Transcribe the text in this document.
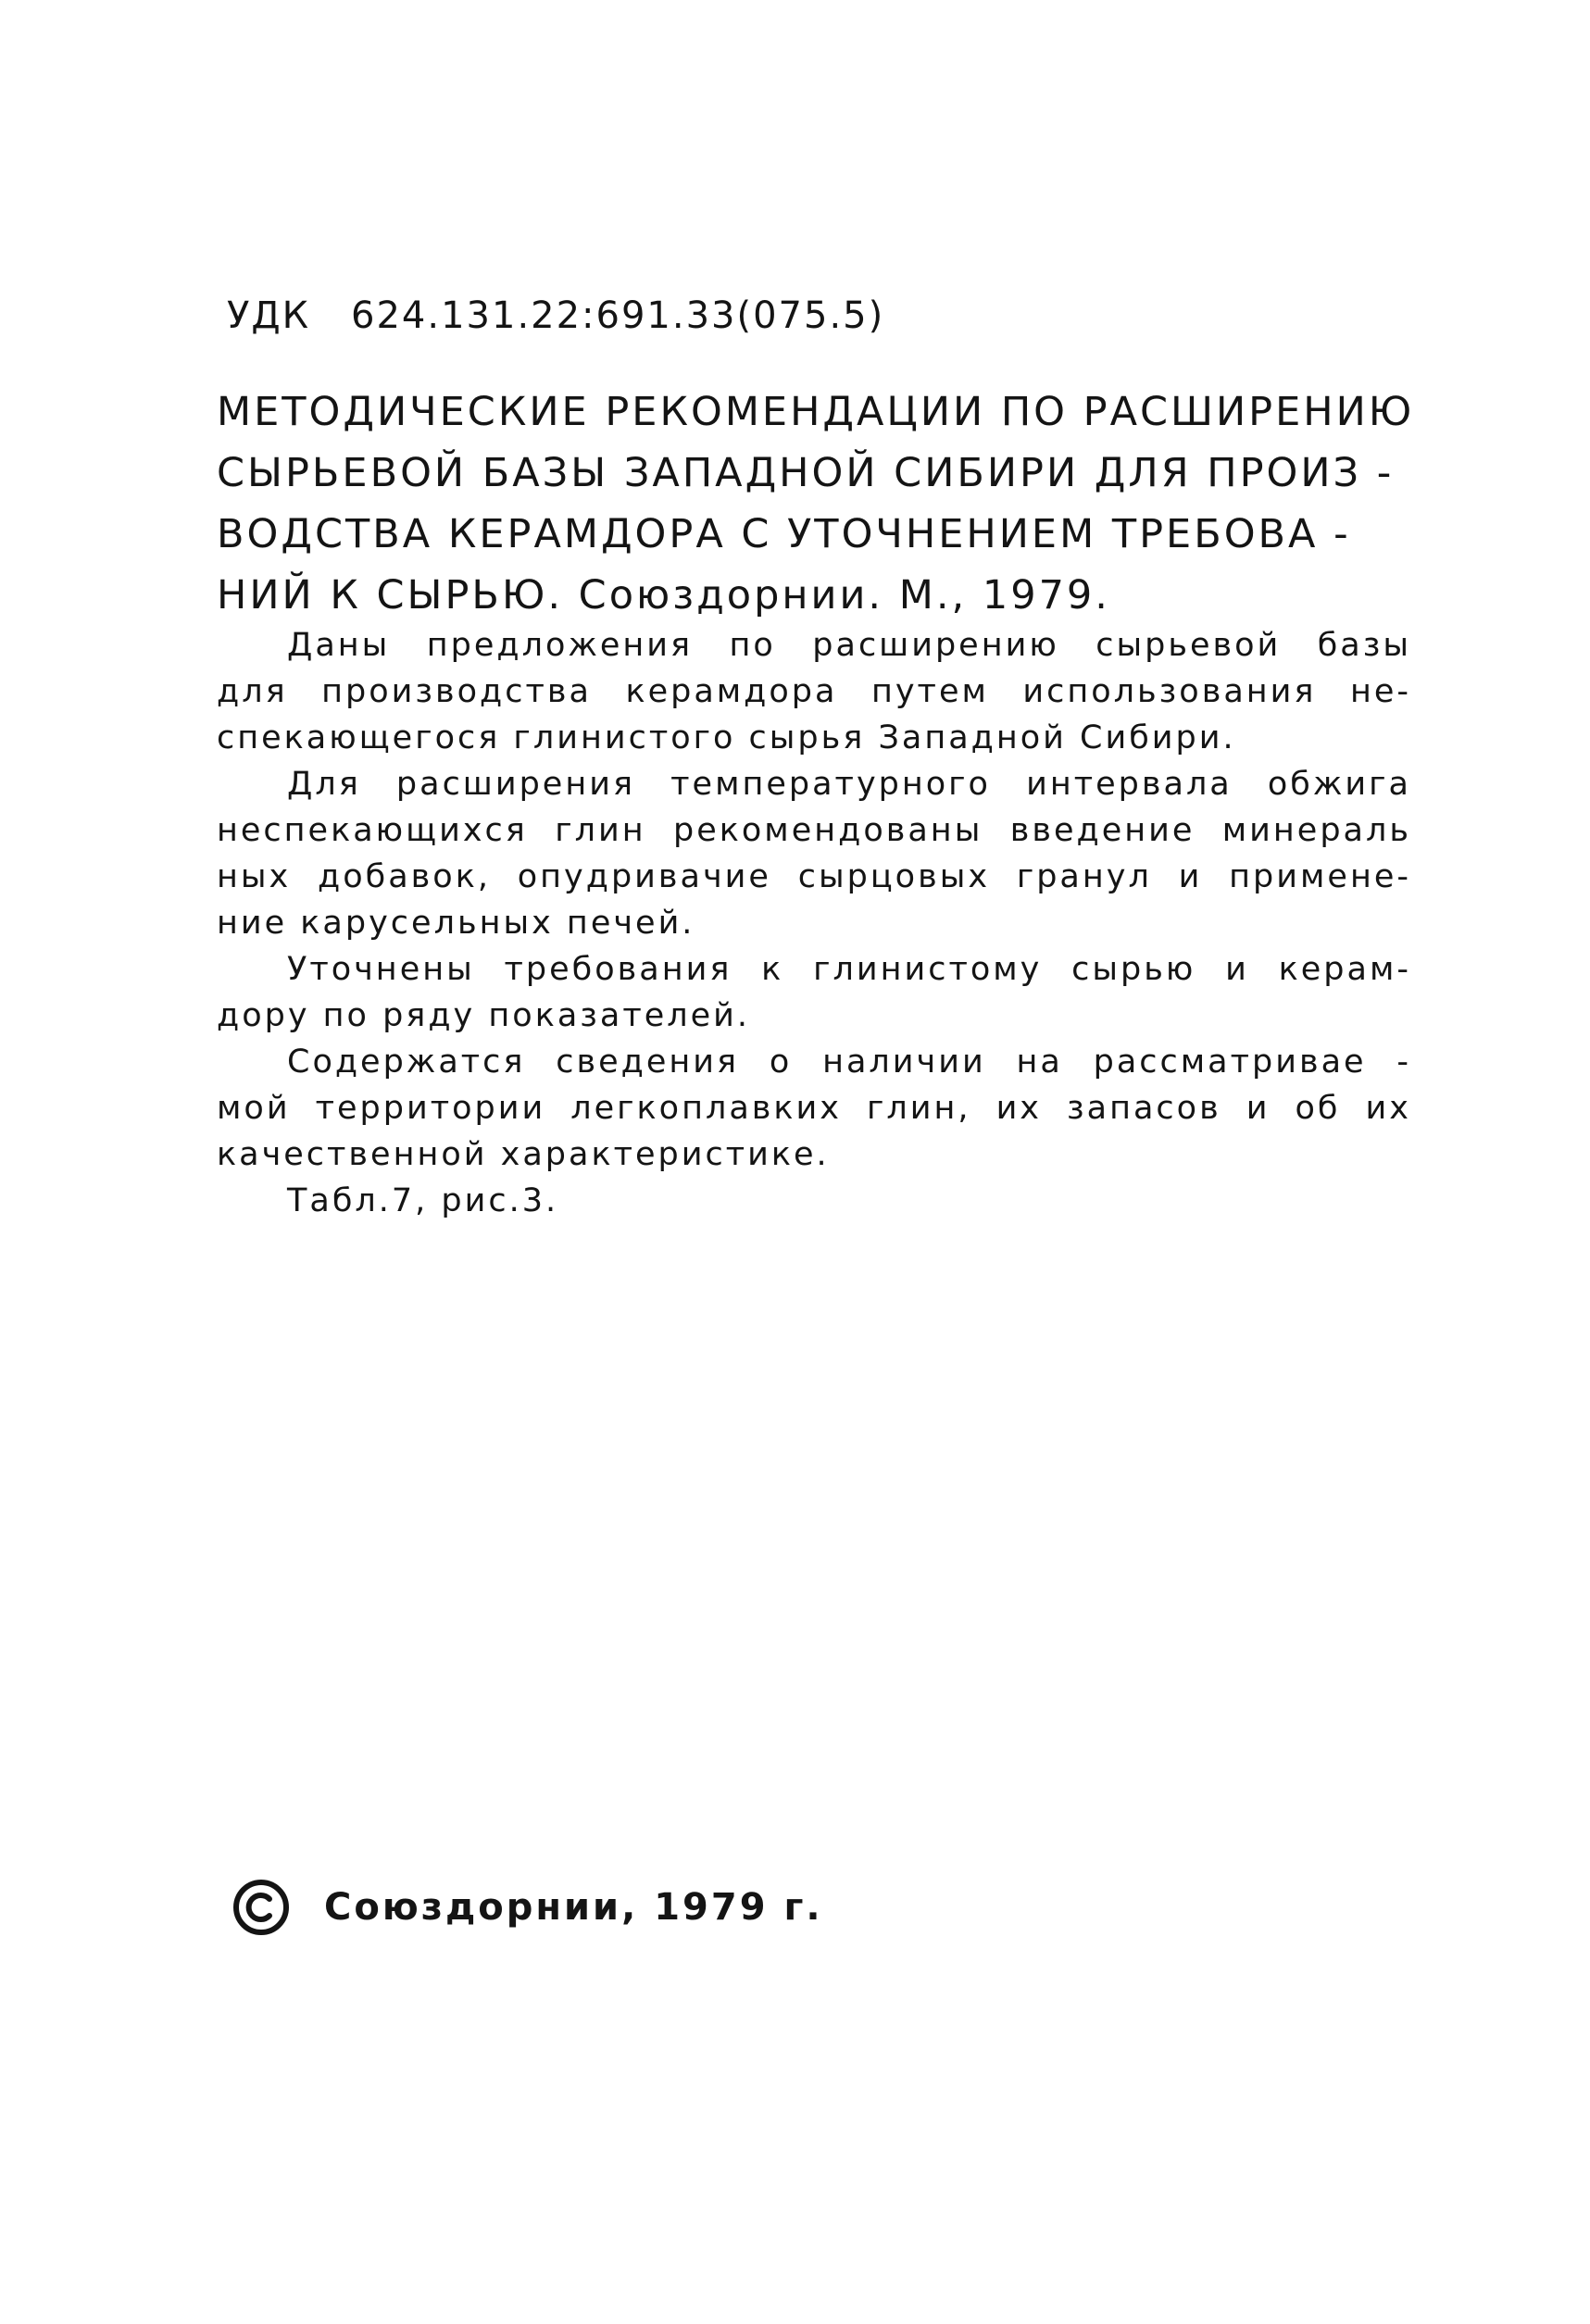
УДК 624.131.22:691.33(075.5)
МЕТОДИЧЕСКИЕ РЕКОМЕНДАЦИИ ПО РАСШИРЕНИЮ
СЫРЬЕВОЙ БАЗЫ ЗАПАДНОЙ СИБИРИ ДЛЯ ПРОИЗ -
ВОДСТВА КЕРАМДОРА С УТОЧНЕНИЕМ ТРЕБОВА -
НИЙ К СЫРЬЮ. Союздорнии. М., 1979.
Даны предложения по расширению сырьевой базы
для производства керамдора путем использования не-
спекающегося глинистого сырья Западной Сибири.
Для расширения температурного интервала обжига
неспекающихся глин рекомендованы введение минераль
ных добавок, опудривачие сырцовых гранул и примене-
ние карусельных печей.
Уточнены требования к глинистому сырью и керам-
дору по ряду показателей.
Содержатся сведения о наличии на рассматривае -
мой территории легкоплавких глин, их запасов и об их
качественной характеристике.
Табл.7, рис.3.
Союздорнии, 1979 г.
